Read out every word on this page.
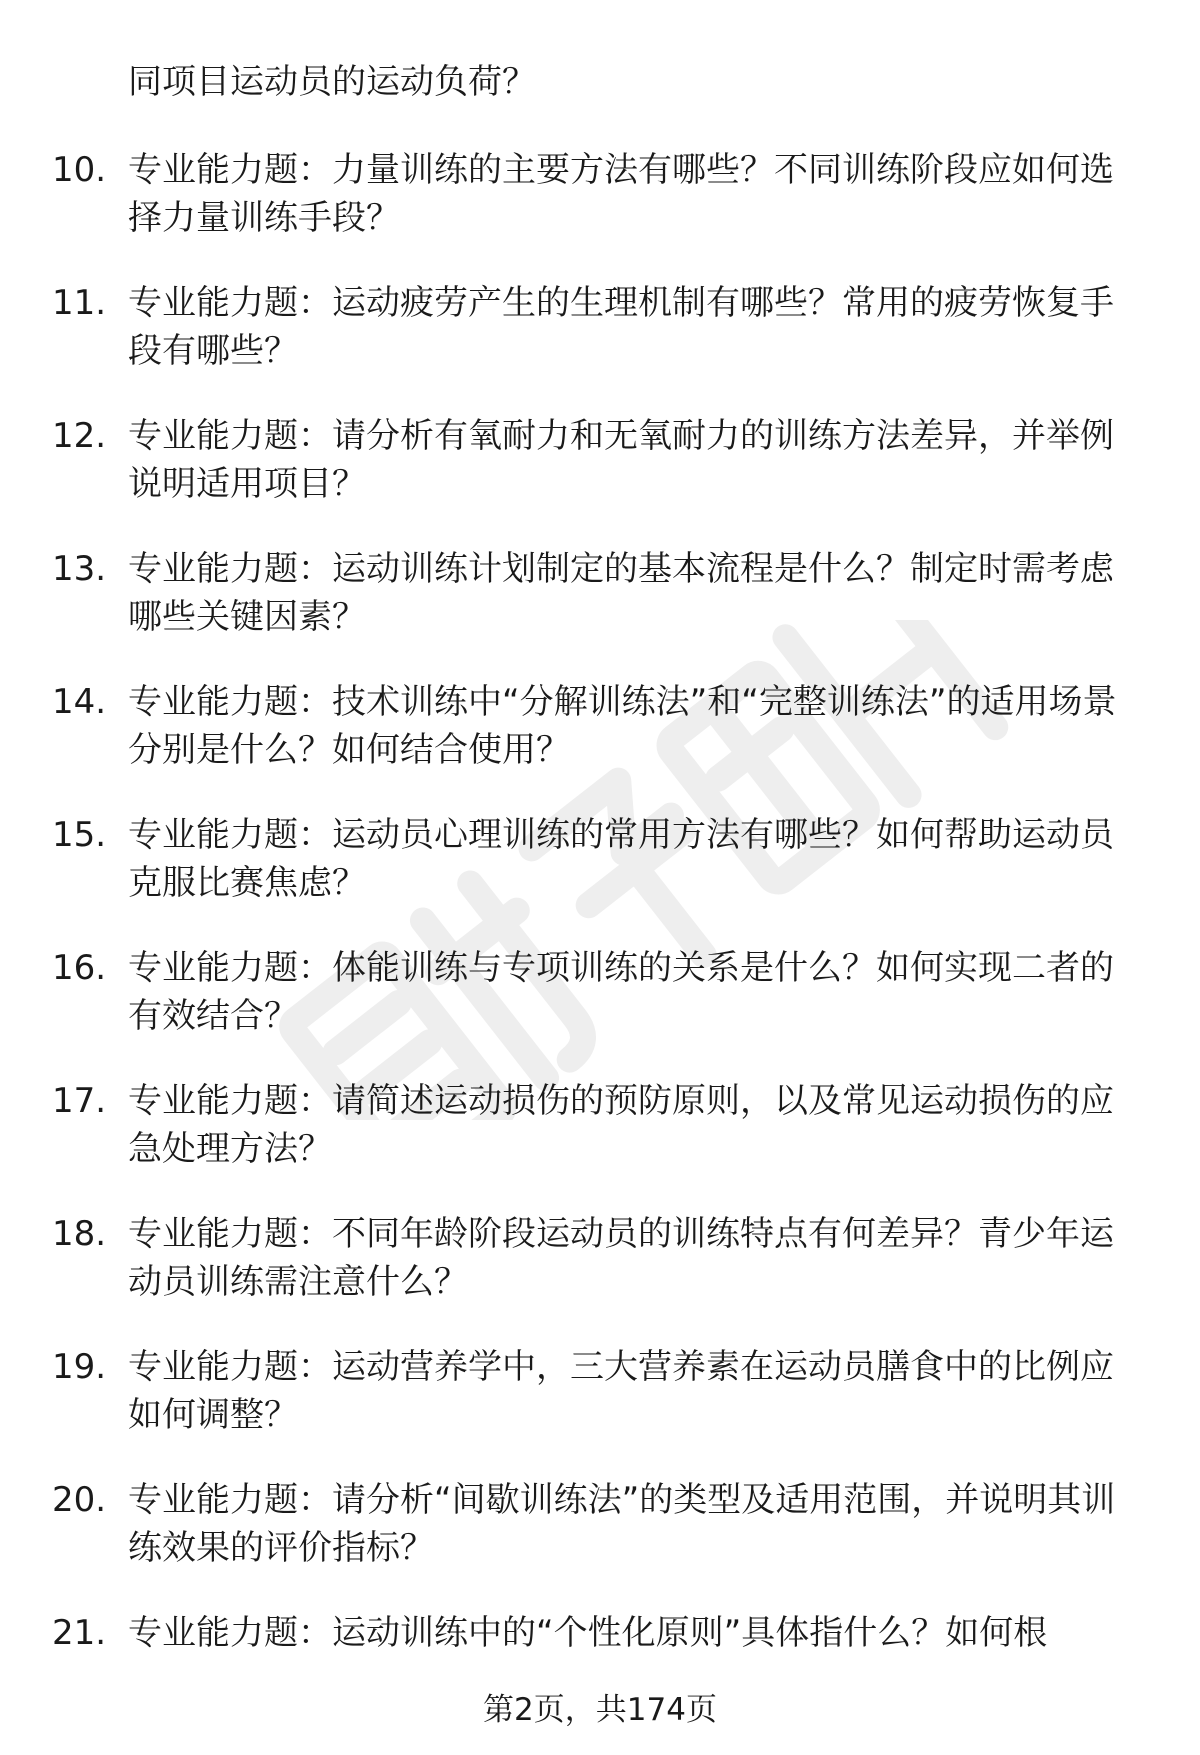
同项目运动员的运动负荷？

10. 专业能力题：力量训练的主要方法有哪些？不同训练阶段应如何选择力量训练手段？

11. 专业能力题：运动疲劳产生的生理机制有哪些？常用的疲劳恢复手段有哪些？

12. 专业能力题：请分析有氧耐力和无氧耐力的训练方法差异，并举例说明适用项目？

13. 专业能力题：运动训练计划制定的基本流程是什么？制定时需考虑哪些关键因素？

14. 专业能力题：技术训练中“分解训练法”和“完整训练法”的适用场景分别是什么？如何结合使用？

15. 专业能力题：运动员心理训练的常用方法有哪些？如何帮助运动员克服比赛焦虑？

16. 专业能力题：体能训练与专项训练的关系是什么？如何实现二者的有效结合？

17. 专业能力题：请简述运动损伤的预防原则，以及常见运动损伤的应急处理方法？

18. 专业能力题：不同年龄阶段运动员的训练特点有何差异？青少年运动员训练需注意什么？

19. 专业能力题：运动营养学中，三大营养素在运动员膳食中的比例应如何调整？

20. 专业能力题：请分析“间歇训练法”的类型及适用范围，并说明其训练效果的评价指标？

21. 专业能力题：运动训练中的“个性化原则”具体指什么？如何根

第2页，共174页
